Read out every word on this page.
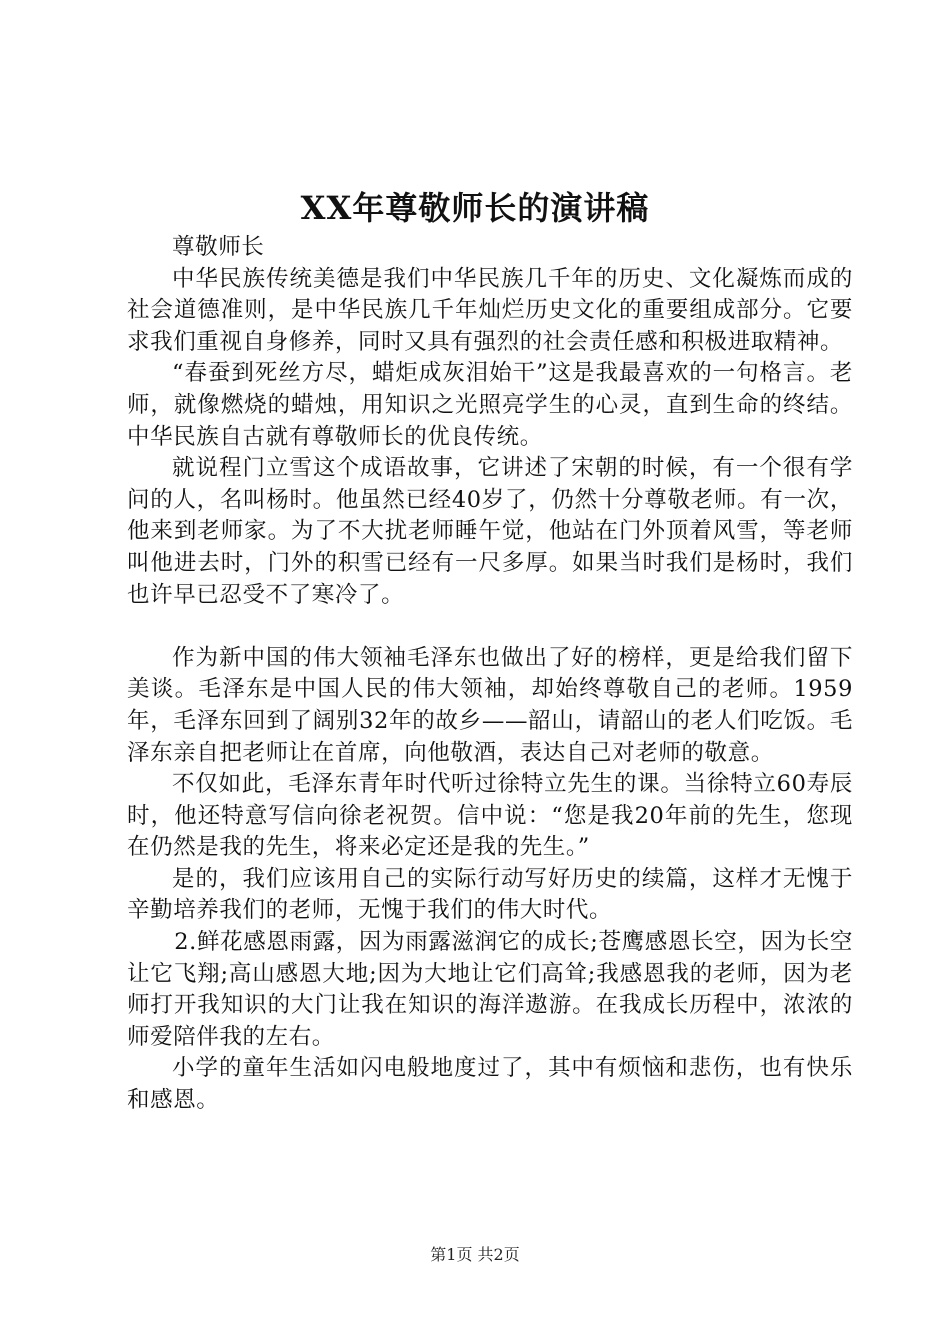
XX年尊敬师长的演讲稿

尊敬师长

中华民族传统美德是我们中华民族几千年的历史、文化凝炼而成的社会道德准则，是中华民族几千年灿烂历史文化的重要组成部分。它要求我们重视自身修养，同时又具有强烈的社会责任感和积极进取精神。

“春蚕到死丝方尽，蜡炬成灰泪始干”这是我最喜欢的一句格言。老师，就像燃烧的蜡烛，用知识之光照亮学生的心灵，直到生命的终结。中华民族自古就有尊敬师长的优良传统。

就说程门立雪这个成语故事，它讲述了宋朝的时候，有一个很有学问的人，名叫杨时。他虽然已经40岁了，仍然十分尊敬老师。有一次，他来到老师家。为了不大扰老师睡午觉，他站在门外顶着风雪，等老师叫他进去时，门外的积雪已经有一尺多厚。如果当时我们是杨时，我们也许早已忍受不了寒冷了。

作为新中国的伟大领袖毛泽东也做出了好的榜样，更是给我们留下美谈。毛泽东是中国人民的伟大领袖，却始终尊敬自己的老师。1959年，毛泽东回到了阔别32年的故乡——韶山，请韶山的老人们吃饭。毛泽东亲自把老师让在首席，向他敬酒，表达自己对老师的敬意。

不仅如此，毛泽东青年时代听过徐特立先生的课。当徐特立60寿辰时，他还特意写信向徐老祝贺。信中说：“您是我20年前的先生，您现在仍然是我的先生，将来必定还是我的先生。”

是的，我们应该用自己的实际行动写好历史的续篇，这样才无愧于辛勤培养我们的老师，无愧于我们的伟大时代。

2.鲜花感恩雨露，因为雨露滋润它的成长;苍鹰感恩长空，因为长空让它飞翔;高山感恩大地;因为大地让它们高耸;我感恩我的老师，因为老师打开我知识的大门让我在知识的海洋遨游。在我成长历程中，浓浓的师爱陪伴我的左右。

小学的童年生活如闪电般地度过了，其中有烦恼和悲伤，也有快乐和感恩。

第1页 共2页
